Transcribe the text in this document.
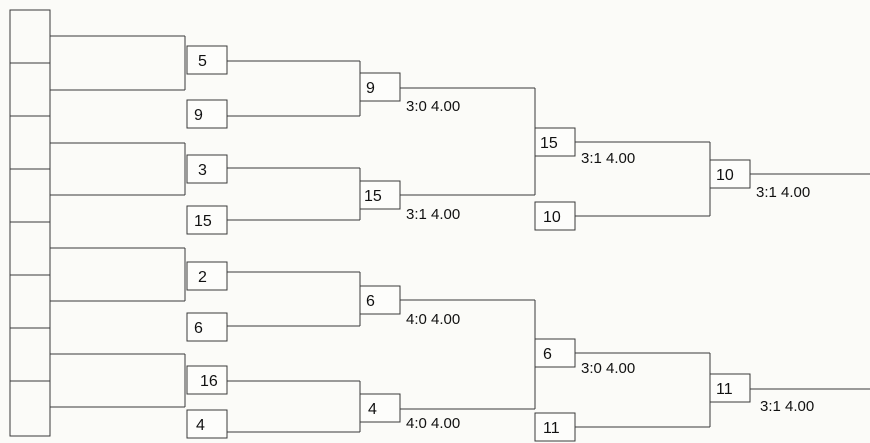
5
9
3
15
2
6
16
4
9
3:0 4.00
15
3:1 4.00
6
4:0 4.00
4
4:0 4.00
15
3:1 4.00
10
6
3:0 4.00
11
10
3:1 4.00
11
3:1 4.00
